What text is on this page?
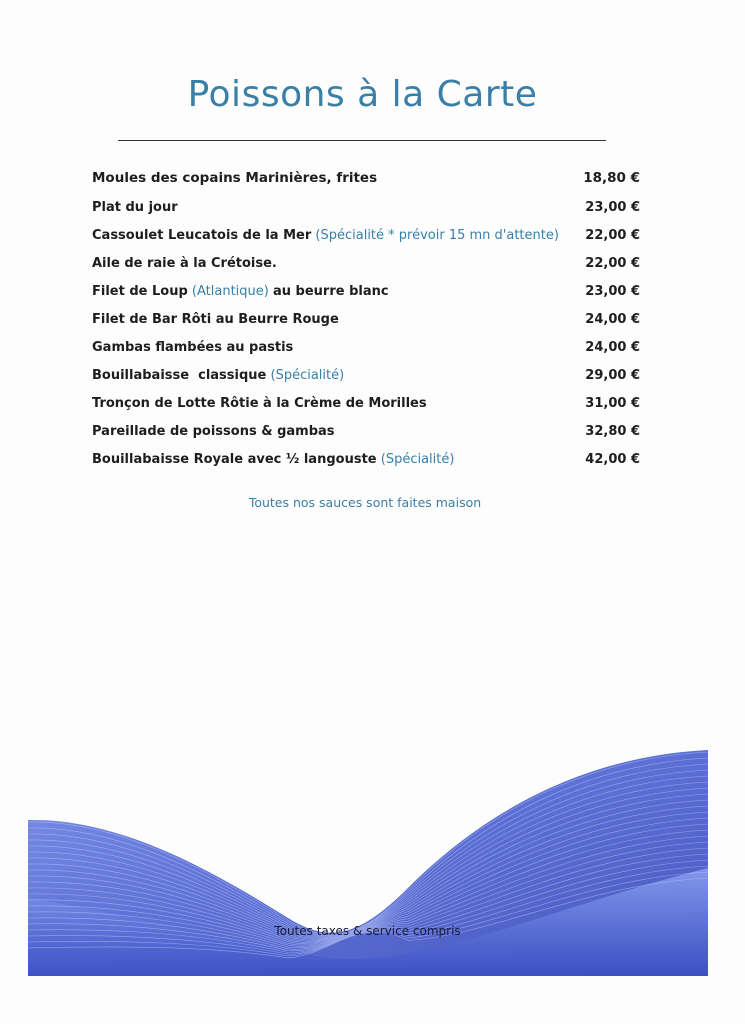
Poissons à la Carte
Moules des copains Marinières, frites	18,80 €
Plat du jour	23,00 €
Cassoulet Leucatois de la Mer (Spécialité * prévoir 15 mn d'attente) 22,00 €
Aile de raie à la Crétoise.	22,00 €
Filet de Loup (Atlantique) au beurre blanc	23,00 €
Filet de Bar Rôti au Beurre Rouge	24,00 €
Gambas flambées au pastis	24,00 €
Bouillabaisse  classique (Spécialité)	29,00 €
Tronçon de Lotte Rôtie à la Crème de Morilles	31,00 €
Pareillade de poissons & gambas	32,80 €
Bouillabaisse Royale avec ½ langouste (Spécialité)	42,00 €
Toutes nos sauces sont faites maison
Toutes taxes & service compris
